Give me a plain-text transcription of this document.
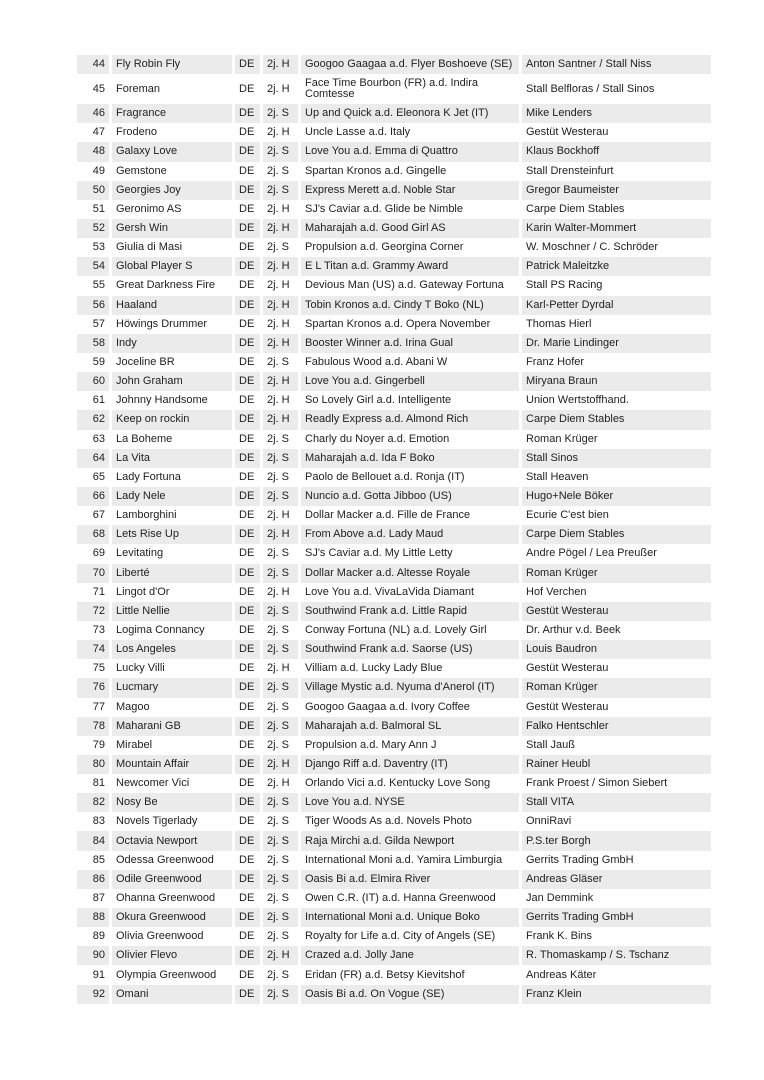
44	Fly Robin Fly	DE	2j. H	Googoo Gaagaa a.d. Flyer Boshoeve (SE)	Anton Santner / Stall Niss
45	Foreman	DE	2j. H	Face Time Bourbon (FR) a.d. Indira Comtesse	Stall Belfloras / Stall Sinos
46	Fragrance	DE	2j. S	Up and Quick a.d. Eleonora K Jet (IT)	Mike Lenders
47	Frodeno	DE	2j. H	Uncle Lasse a.d. Italy	Gestüt Westerau
48	Galaxy Love	DE	2j. S	Love You a.d. Emma di Quattro	Klaus Bockhoff
49	Gemstone	DE	2j. S	Spartan Kronos a.d. Gingelle	Stall Drensteinfurt
50	Georgies Joy	DE	2j. S	Express Merett a.d. Noble Star	Gregor Baumeister
51	Geronimo AS	DE	2j. H	SJ's Caviar a.d. Glide be Nimble	Carpe Diem Stables
52	Gersh Win	DE	2j. H	Maharajah a.d. Good Girl AS	Karin Walter-Mommert
53	Giulia di Masi	DE	2j. S	Propulsion a.d. Georgina Corner	W. Moschner / C. Schröder
54	Global Player S	DE	2j. H	E L Titan a.d. Grammy Award	Patrick Maleitzke
55	Great Darkness Fire	DE	2j. H	Devious Man (US) a.d. Gateway Fortuna	Stall PS Racing
56	Haaland	DE	2j. H	Tobin Kronos a.d. Cindy T Boko (NL)	Karl-Petter Dyrdal
57	Höwings Drummer	DE	2j. H	Spartan Kronos a.d. Opera November	Thomas Hierl
58	Indy	DE	2j. H	Booster Winner a.d. Irina Gual	Dr. Marie Lindinger
59	Joceline BR	DE	2j. S	Fabulous Wood a.d. Abani W	Franz Hofer
60	John Graham	DE	2j. H	Love You a.d. Gingerbell	Miryana Braun
61	Johnny Handsome	DE	2j. H	So Lovely Girl a.d. Intelligente	Union Wertstoffhand.
62	Keep on rockin	DE	2j. H	Readly Express a.d. Almond Rich	Carpe Diem Stables
63	La Boheme	DE	2j. S	Charly du Noyer a.d. Emotion	Roman Krüger
64	La Vita	DE	2j. S	Maharajah a.d. Ida F Boko	Stall Sinos
65	Lady Fortuna	DE	2j. S	Paolo de Bellouet a.d. Ronja (IT)	Stall Heaven
66	Lady Nele	DE	2j. S	Nuncio a.d. Gotta Jibboo (US)	Hugo+Nele Böker
67	Lamborghini	DE	2j. H	Dollar Macker a.d. Fille de France	Ecurie C'est bien
68	Lets Rise Up	DE	2j. H	From Above a.d. Lady Maud	Carpe Diem Stables
69	Levitating	DE	2j. S	SJ's Caviar a.d. My Little Letty	Andre Pögel / Lea Preußer
70	Liberté	DE	2j. S	Dollar Macker a.d. Altesse Royale	Roman Krüger
71	Lingot d'Or	DE	2j. H	Love You a.d. VivaLaVida Diamant	Hof Verchen
72	Little Nellie	DE	2j. S	Southwind Frank a.d. Little Rapid	Gestüt Westerau
73	Logima Connancy	DE	2j. S	Conway Fortuna (NL) a.d. Lovely Girl	Dr. Arthur v.d. Beek
74	Los Angeles	DE	2j. S	Southwind Frank a.d. Saorse (US)	Louis Baudron
75	Lucky Villi	DE	2j. H	Villiam a.d. Lucky Lady Blue	Gestüt Westerau
76	Lucmary	DE	2j. S	Village Mystic a.d. Nyuma d'Anerol (IT)	Roman Krüger
77	Magoo	DE	2j. S	Googoo Gaagaa a.d. Ivory Coffee	Gestüt Westerau
78	Maharani GB	DE	2j. S	Maharajah a.d. Balmoral SL	Falko Hentschler
79	Mirabel	DE	2j. S	Propulsion a.d. Mary Ann J	Stall Jauß
80	Mountain Affair	DE	2j. H	Django Riff a.d. Daventry (IT)	Rainer Heubl
81	Newcomer Vici	DE	2j. H	Orlando Vici a.d. Kentucky Love Song	Frank Proest / Simon Siebert
82	Nosy Be	DE	2j. S	Love You a.d. NYSE	Stall VITA
83	Novels Tigerlady	DE	2j. S	Tiger Woods As a.d. Novels Photo	OnniRavi
84	Octavia Newport	DE	2j. S	Raja Mirchi a.d. Gilda Newport	P.S.ter Borgh
85	Odessa Greenwood	DE	2j. S	International Moni a.d. Yamira Limburgia	Gerrits Trading GmbH
86	Odile Greenwood	DE	2j. S	Oasis Bi a.d. Elmira River	Andreas Gläser
87	Ohanna Greenwood	DE	2j. S	Owen C.R. (IT) a.d. Hanna Greenwood	Jan Demmink
88	Okura Greenwood	DE	2j. S	International Moni a.d. Unique Boko	Gerrits Trading GmbH
89	Olivia Greenwood	DE	2j. S	Royalty for Life a.d. City of Angels (SE)	Frank K. Bins
90	Olivier Flevo	DE	2j. H	Crazed a.d. Jolly Jane	R. Thomaskamp / S. Tschanz
91	Olympia Greenwood	DE	2j. S	Eridan (FR) a.d. Betsy Kievitshof	Andreas Käter
92	Omani	DE	2j. S	Oasis Bi a.d. On Vogue (SE)	Franz Klein
